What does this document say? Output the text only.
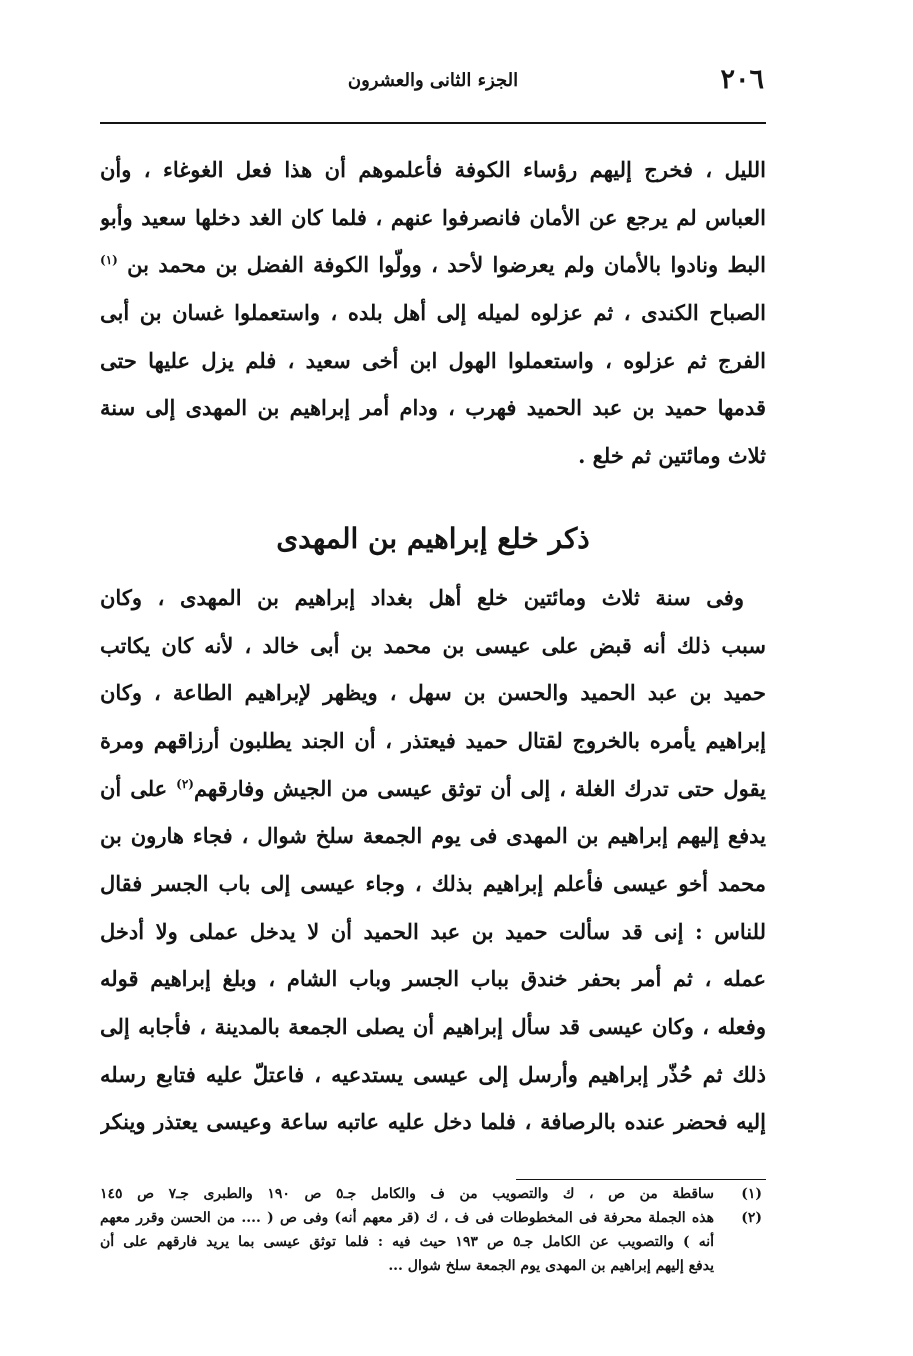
٢٠٦
الجزء الثانى والعشرون
الليل ، فخرج إليهم رؤساء الكوفة فأعلموهم أن هذا فعل الغوغاء ، وأن
العباس لم يرجع عن الأمان فانصرفوا عنهم ، فلما كان الغد دخلها سعيد وأبو
البط ونادوا بالأمان ولم يعرضوا لأحد ، وولّوا الكوفة الفضل بن محمد بن $^{(١)}$
الصباح الكندى ، ثم عزلوه لميله إلى أهل بلده ، واستعملوا غسان بن أبى
الفرج ثم عزلوه ، واستعملوا الهول ابن أخى سعيد ، فلم يزل عليها حتى
قدمها حميد بن عبد الحميد فهرب ، ودام أمر إبراهيم بن المهدى إلى سنة
ثلاث ومائتين ثم خلع .
ذكر خلع إبراهيم بن المهدى
وفى سنة ثلاث ومائتين خلع أهل بغداد إبراهيم بن المهدى ، وكان
سبب ذلك أنه قبض على عيسى بن محمد بن أبى خالد ، لأنه كان يكاتب
حميد بن عبد الحميد والحسن بن سهل ، ويظهر لإبراهيم الطاعة ، وكان
إبراهيم يأمره بالخروج لقتال حميد فيعتذر ، أن الجند يطلبون أرزاقهم ومرة
يقول حتى تدرك الغلة ، إلى أن توثق عيسى من الجيش وفارقهم$^{(٢)}$ على أن
يدفع إليهم إبراهيم بن المهدى فى يوم الجمعة سلخ شوال ، فجاء هارون بن
محمد أخو عيسى فأعلم إبراهيم بذلك ، وجاء عيسى إلى باب الجسر فقال
للناس : إنى قد سألت حميد بن عبد الحميد أن لا يدخل عملى ولا أدخل
عمله ، ثم أمر بحفر خندق بباب الجسر وباب الشام ، وبلغ إبراهيم قوله
وفعله ، وكان عيسى قد سأل إبراهيم أن يصلى الجمعة بالمدينة ، فأجابه إلى
ذلك ثم حُذّر إبراهيم وأرسل إلى عيسى يستدعيه ، فاعتلّ عليه فتابع رسله
إليه فحضر عنده بالرصافة ، فلما دخل عليه عاتبه ساعة وعيسى يعتذر وينكر
(١)
ساقطة من ص ، ك والتصويب من ف والكامل جـ٥ ص ١٩٠ والطبرى جـ٧ ص ١٤٥
(٢)
هذه الجملة محرفة فى المخطوطات فى ف ، ك (قر معهم أنه) وفى ص ( .... من الحسن وقرر معهم
أنه ) والتصويب عن الكامل جـ٥ ص ١٩٣ حيث فيه : فلما توثق عيسى بما يريد فارقهم على أن
يدفع إليهم إبراهيم بن المهدى يوم الجمعة سلخ شوال ...
